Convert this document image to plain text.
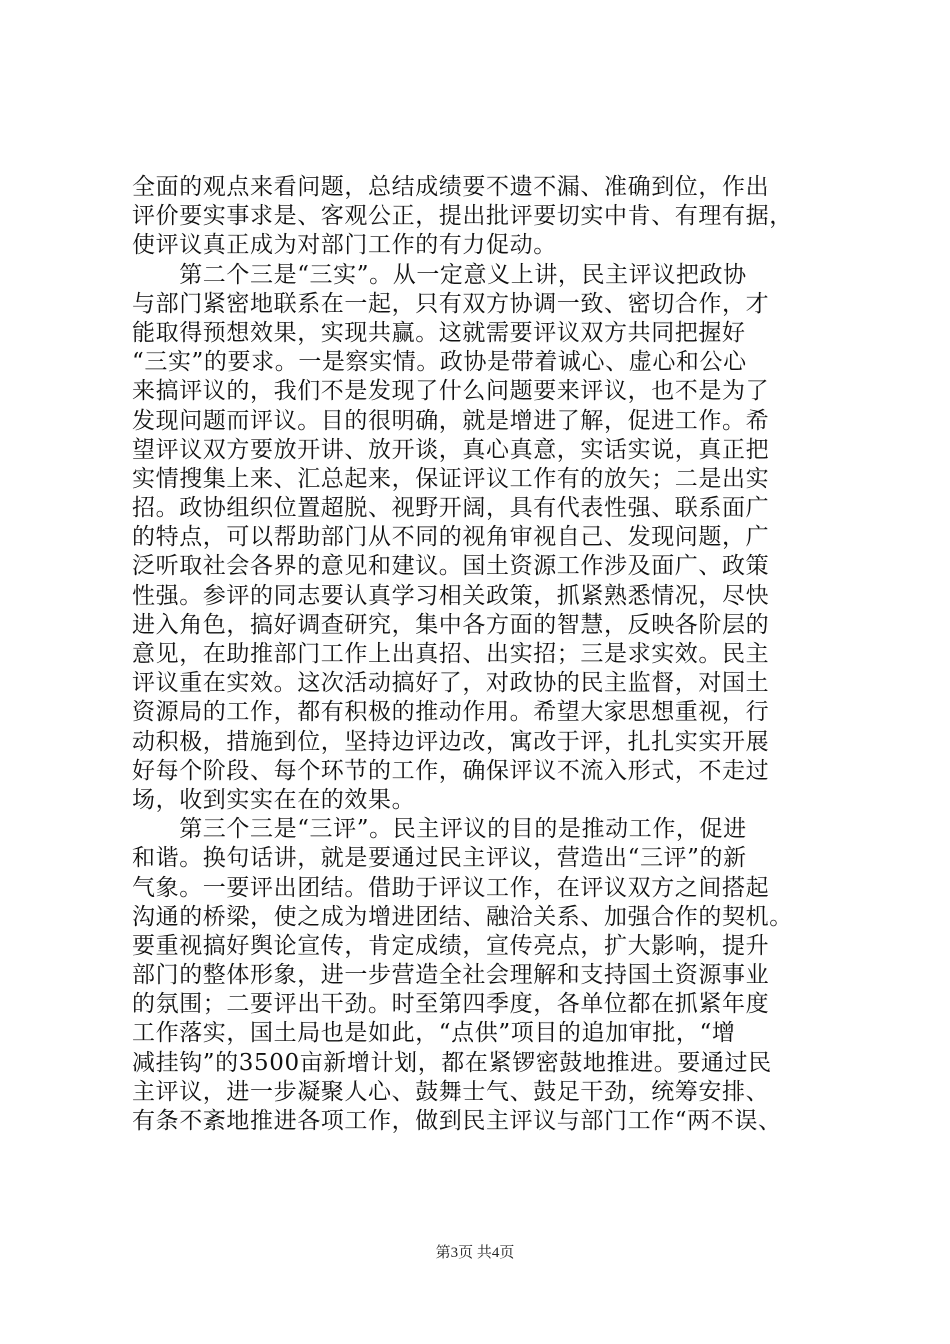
全面的观点来看问题，总结成绩要不遗不漏、准确到位，作出
评价要实事求是、客观公正，提出批评要切实中肯、有理有据，
使评议真正成为对部门工作的有力促动。
　　第二个三是“三实”。从一定意义上讲，民主评议把政协
与部门紧密地联系在一起，只有双方协调一致、密切合作，才
能取得预想效果，实现共赢。这就需要评议双方共同把握好
“三实”的要求。一是察实情。政协是带着诚心、虚心和公心
来搞评议的，我们不是发现了什么问题要来评议，也不是为了
发现问题而评议。目的很明确，就是增进了解，促进工作。希
望评议双方要放开讲、放开谈，真心真意，实话实说，真正把
实情搜集上来、汇总起来，保证评议工作有的放矢；二是出实
招。政协组织位置超脱、视野开阔，具有代表性强、联系面广
的特点，可以帮助部门从不同的视角审视自己、发现问题，广
泛听取社会各界的意见和建议。国土资源工作涉及面广、政策
性强。参评的同志要认真学习相关政策，抓紧熟悉情况，尽快
进入角色，搞好调查研究，集中各方面的智慧，反映各阶层的
意见，在助推部门工作上出真招、出实招；三是求实效。民主
评议重在实效。这次活动搞好了，对政协的民主监督，对国土
资源局的工作，都有积极的推动作用。希望大家思想重视，行
动积极，措施到位，坚持边评边改，寓改于评，扎扎实实开展
好每个阶段、每个环节的工作，确保评议不流入形式，不走过
场，收到实实在在的效果。
　　第三个三是“三评”。民主评议的目的是推动工作，促进
和谐。换句话讲，就是要通过民主评议，营造出“三评”的新
气象。一要评出团结。借助于评议工作，在评议双方之间搭起
沟通的桥梁，使之成为增进团结、融洽关系、加强合作的契机。
要重视搞好舆论宣传，肯定成绩，宣传亮点，扩大影响，提升
部门的整体形象，进一步营造全社会理解和支持国土资源事业
的氛围；二要评出干劲。时至第四季度，各单位都在抓紧年度
工作落实，国土局也是如此，“点供”项目的追加审批，“增
减挂钩”的3500亩新增计划，都在紧锣密鼓地推进。要通过民
主评议，进一步凝聚人心、鼓舞士气、鼓足干劲，统筹安排、
有条不紊地推进各项工作，做到民主评议与部门工作“两不误、
第3页 共4页
